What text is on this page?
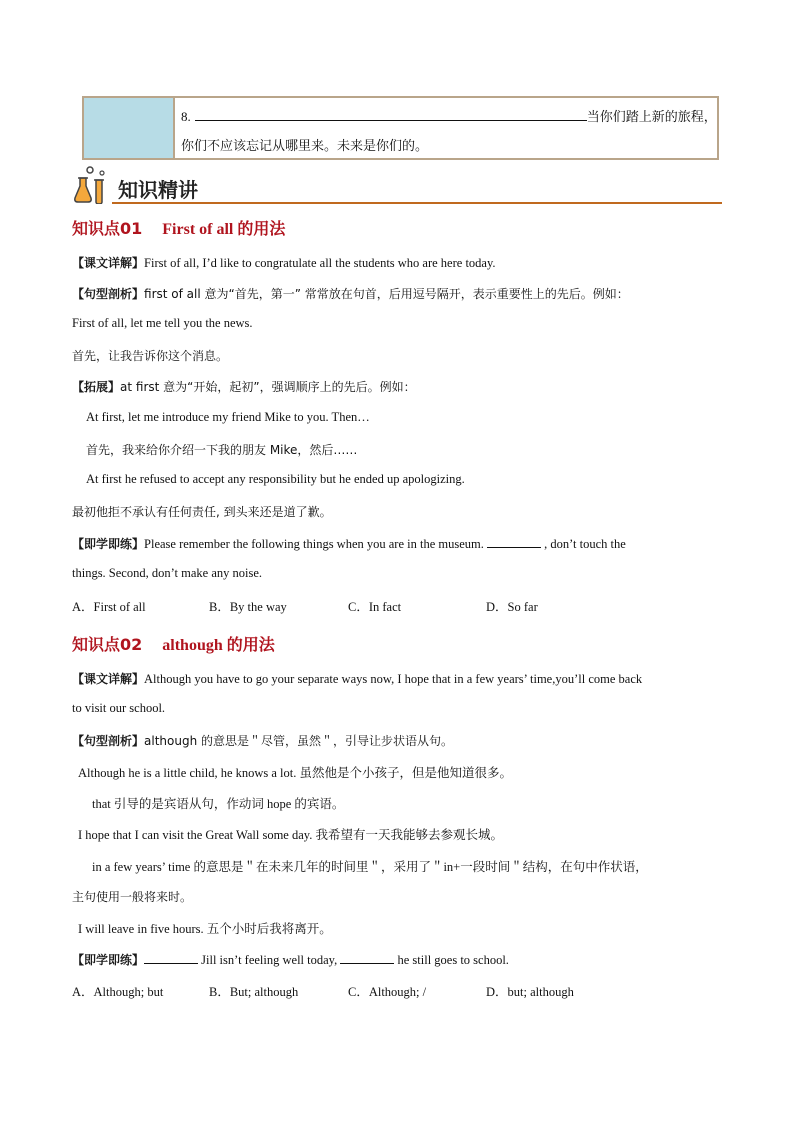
8.	当你们踏上新的旅程，
你们不应该忘记从哪里来。未来是你们的。
知识精讲
知识点01 First of all 的用法
【课文详解】First of all, I’d like to congratulate all the students who are here today.
【句型剖析】first of all 意为“首先，第一” 常常放在句首，后用逗号隔开，表示重要性上的先后。例如：
First of all, let me tell you the news.
首先，让我告诉你这个消息。
【拓展】at first 意为“开始，起初”，强调顺序上的先后。例如：
At first, let me introduce my friend Mike to you. Then…
首先，我来给你介绍一下我的朋友 Mike，然后……
At first he refused to accept any responsibility but he ended up apologizing.
最初他拒不承认有任何责任, 到头来还是道了歉。
【即学即练】Please remember the following things when you are in the museum.	, don’t touch the
things. Second, don’t make any noise.
A．First of all	B．By the way	C．In fact	D．So far
知识点02 although 的用法
【课文详解】Although you have to go your separate ways now, I hope that in a few years’ time,you’ll come back
to visit our school.
【句型剖析】although 的意思是＂尽管，虽然＂，引导让步状语从句。
Although he is a little child, he knows a lot. 虽然他是个小孩子，但是他知道很多。
that 引导的是宾语从句，作动词 hope 的宾语。
I hope that I can visit the Great Wall some day. 我希望有一天我能够去参观长城。
in a few years’ time 的意思是＂在未来几年的时间里＂，采用了＂in+一段时间＂结构，在句中作状语，
主句使用一般将来时。
I will leave in five hours. 五个小时后我将离开。
【即学即练】	Jill isn’t feeling well today,	he still goes to school.
A．Although; but	B．But; although	C．Although; /	D．but; although
